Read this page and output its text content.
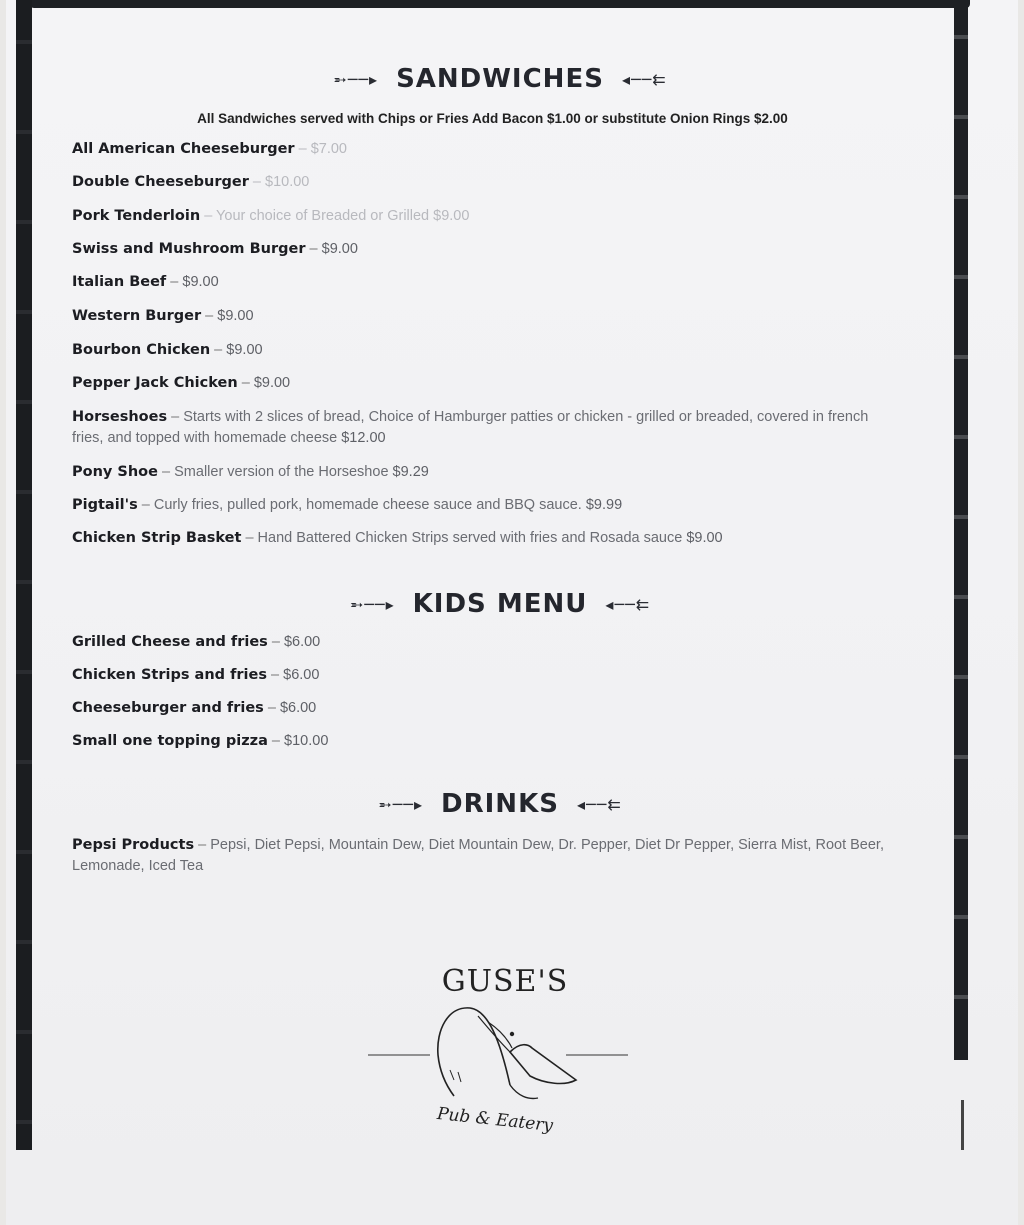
➵──▸ SANDWICHES ◂──⇇
All Sandwiches served with Chips or Fries Add Bacon $1.00 or substitute Onion Rings $2.00
All American Cheeseburger – $7.00
Double Cheeseburger – $10.00
Pork Tenderloin – Your choice of Breaded or Grilled $9.00
Swiss and Mushroom Burger – $9.00
Italian Beef – $9.00
Western Burger – $9.00
Bourbon Chicken – $9.00
Pepper Jack Chicken – $9.00
Horseshoes – Starts with 2 slices of bread, Choice of Hamburger patties or chicken - grilled or breaded, covered in french fries, and topped with homemade cheese $12.00
Pony Shoe – Smaller version of the Horseshoe $9.29
Pigtail's – Curly fries, pulled pork, homemade cheese sauce and BBQ sauce. $9.99
Chicken Strip Basket – Hand Battered Chicken Strips served with fries and Rosada sauce $9.00
➵──▸ KIDS MENU ◂──⇇
Grilled Cheese and fries – $6.00
Chicken Strips and fries – $6.00
Cheeseburger and fries – $6.00
Small one topping pizza – $10.00
➵──▸ DRINKS ◂──⇇
Pepsi Products – Pepsi, Diet Pepsi, Mountain Dew, Diet Mountain Dew, Dr. Pepper, Diet Dr Pepper, Sierra Mist, Root Beer, Lemonade, Iced Tea
GUSE'S
Pub & Eatery
